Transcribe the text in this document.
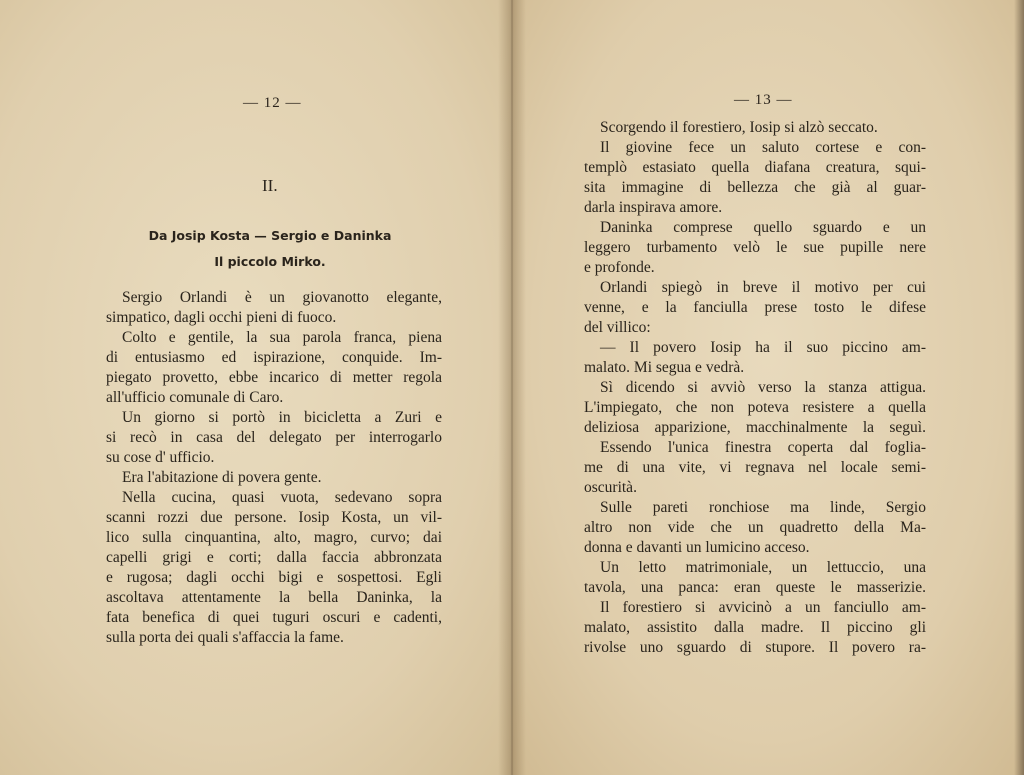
— 12 —
II.
Da Josip Kosta — Sergio e Daninka
Il piccolo Mirko.
Sergio Orlandi è un giovanotto elegante,
simpatico, dagli occhi pieni di fuoco.
Colto e gentile, la sua parola franca, piena
di entusiasmo ed ispirazione, conquide. Im-
piegato provetto, ebbe incarico di metter regola
all'ufficio comunale di Caro.
Un giorno si portò in bicicletta a Zuri e
si recò in casa del delegato per interrogarlo
su cose d' ufficio.
Era l'abitazione di povera gente.
Nella cucina, quasi vuota, sedevano sopra
scanni rozzi due persone. Iosip Kosta, un vil-
lico sulla cinquantina, alto, magro, curvo; dai
capelli grigi e corti; dalla faccia abbronzata
e rugosa; dagli occhi bigi e sospettosi. Egli
ascoltava attentamente la bella Daninka, la
fata benefica di quei tuguri oscuri e cadenti,
sulla porta dei quali s'affaccia la fame.
— 13 —
Scorgendo il forestiero, Iosip si alzò seccato.
Il giovine fece un saluto cortese e con-
templò estasiato quella diafana creatura, squi-
sita immagine di bellezza che già al guar-
darla inspirava amore.
Daninka comprese quello sguardo e un
leggero turbamento velò le sue pupille nere
e profonde.
Orlandi spiegò in breve il motivo per cui
venne, e la fanciulla prese tosto le difese
del villico:
— Il povero Iosip ha il suo piccino am-
malato. Mi segua e vedrà.
Sì dicendo si avviò verso la stanza attigua.
L'impiegato, che non poteva resistere a quella
deliziosa apparizione, macchinalmente la seguì.
Essendo l'unica finestra coperta dal foglia-
me di una vite, vi regnava nel locale semi-
oscurità.
Sulle pareti ronchiose ma linde, Sergio
altro non vide che un quadretto della Ma-
donna e davanti un lumicino acceso.
Un letto matrimoniale, un lettuccio, una
tavola, una panca: eran queste le masserizie.
Il forestiero si avvicinò a un fanciullo am-
malato, assistito dalla madre. Il piccino gli
rivolse uno sguardo di stupore. Il povero ra-
